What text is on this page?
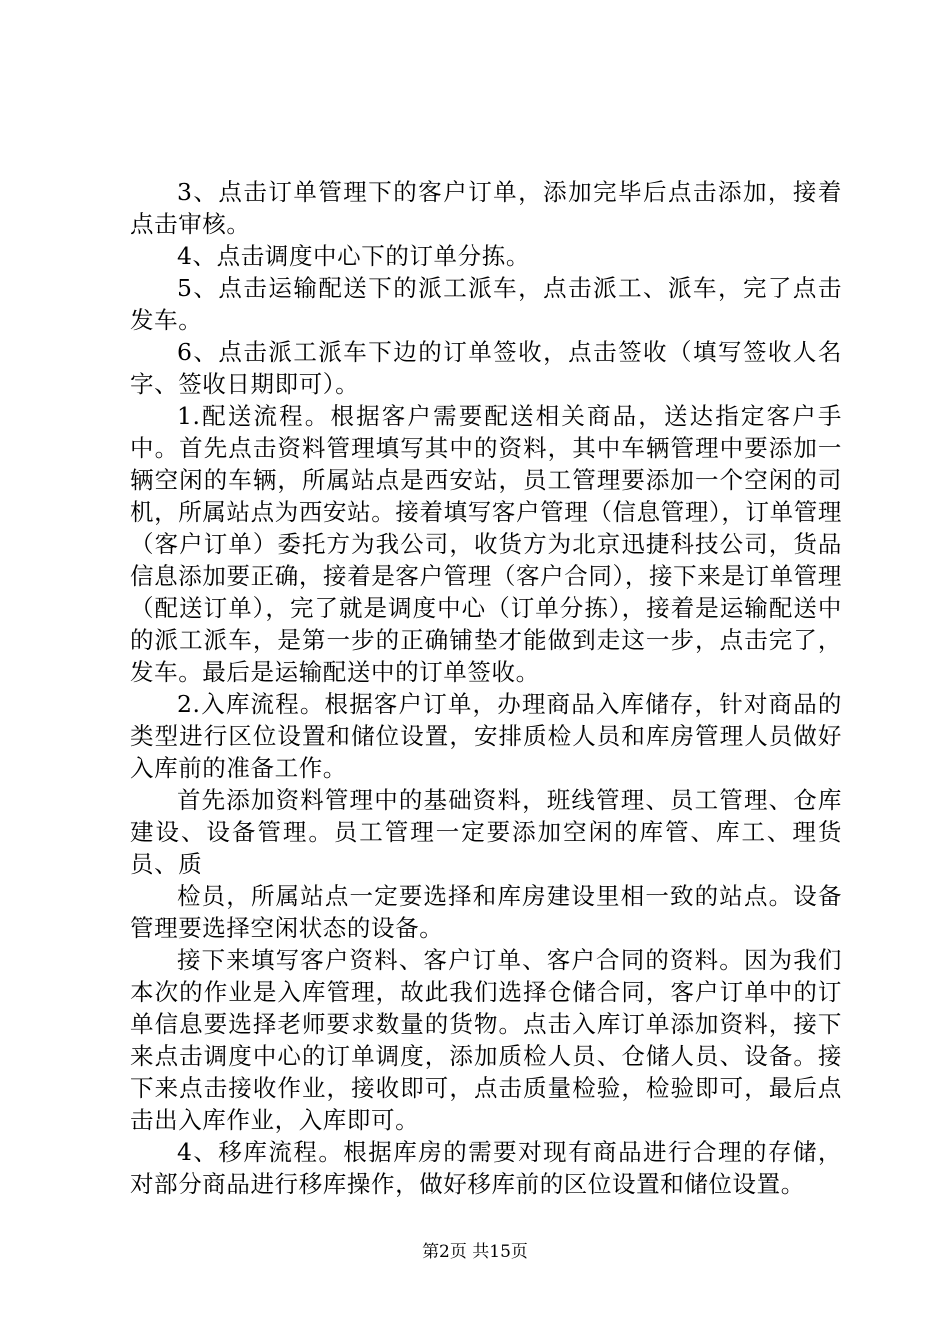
3、点击订单管理下的客户订单，添加完毕后点击添加，接着点击审核。

4、点击调度中心下的订单分拣。

5、点击运输配送下的派工派车，点击派工、派车，完了点击发车。

6、点击派工派车下边的订单签收，点击签收（填写签收人名字、签收日期即可）。

1.配送流程。根据客户需要配送相关商品，送达指定客户手中。首先点击资料管理填写其中的资料，其中车辆管理中要添加一辆空闲的车辆，所属站点是西安站，员工管理要添加一个空闲的司机，所属站点为西安站。接着填写客户管理（信息管理），订单管理（客户订单）委托方为我公司，收货方为北京迅捷科技公司，货品信息添加要正确，接着是客户管理（客户合同），接下来是订单管理（配送订单），完了就是调度中心（订单分拣），接着是运输配送中的派工派车，是第一步的正确铺垫才能做到走这一步，点击完了，发车。最后是运输配送中的订单签收。

2.入库流程。根据客户订单，办理商品入库储存，针对商品的类型进行区位设置和储位设置，安排质检人员和库房管理人员做好入库前的准备工作。

首先添加资料管理中的基础资料，班线管理、员工管理、仓库建设、设备管理。员工管理一定要添加空闲的库管、库工、理货员、质

检员，所属站点一定要选择和库房建设里相一致的站点。设备管理要选择空闲状态的设备。

接下来填写客户资料、客户订单、客户合同的资料。因为我们本次的作业是入库管理，故此我们选择仓储合同，客户订单中的订单信息要选择老师要求数量的货物。点击入库订单添加资料，接下来点击调度中心的订单调度，添加质检人员、仓储人员、设备。接下来点击接收作业，接收即可，点击质量检验，检验即可，最后点击出入库作业，入库即可。

4、移库流程。根据库房的需要对现有商品进行合理的存储，对部分商品进行移库操作，做好移库前的区位设置和储位设置。

第2页 共15页
